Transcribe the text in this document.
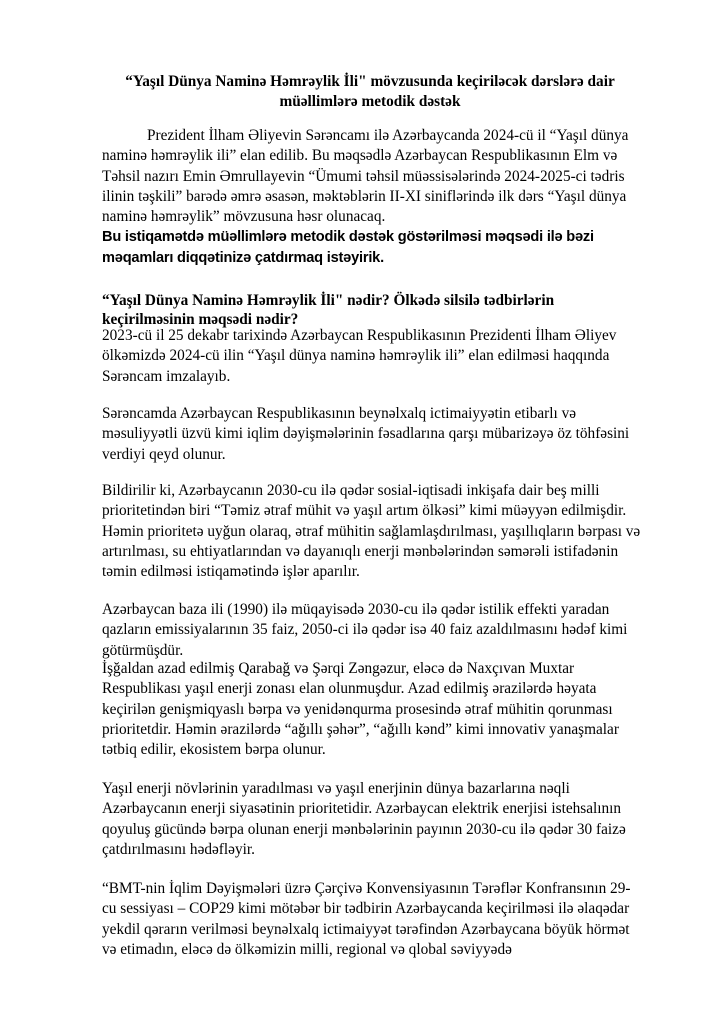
“Yaşıl Dünya Naminə Həmrəylik İli" mövzusunda keçiriləcək dərslərə dair müəllimlərə metodik dəstək

Prezident İlham Əliyevin Sərəncamı ilə Azərbaycanda 2024-cü il “Yaşıl dünya naminə həmrəylik ili” elan edilib. Bu məqsədlə Azərbaycan Respublikasının Elm və Təhsil nazırı Emin Əmrullayevin “Ümumi təhsil müəssisələrində 2024-2025-ci tədris ilinin təşkili” barədə əmrə əsasən, məktəblərin II-XI siniflərində ilk dərs “Yaşıl dünya naminə həmrəylik” mövzusuna həsr olunacaq.

Bu istiqamətdə müəllimlərə metodik dəstək göstərilməsi məqsədi ilə bəzi məqamları diqqətinizə çatdırmaq istəyirik.

“Yaşıl Dünya Naminə Həmrəylik İli" nədir? Ölkədə silsilə tədbirlərin keçirilməsinin məqsədi nədir?

2023-cü il 25 dekabr tarixində Azərbaycan Respublikasının Prezidenti İlham Əliyev ölkəmizdə 2024-cü ilin “Yaşıl dünya naminə həmrəylik ili” elan edilməsi haqqında Sərəncam imzalayıb.

Sərəncamda Azərbaycan Respublikasının beynəlxalq ictimaiyyətin etibarlı və məsuliyyətli üzvü kimi iqlim dəyişmələrinin fəsadlarına qarşı mübarizəyə öz töhfəsini verdiyi qeyd olunur.

Bildirilir ki, Azərbaycanın 2030-cu ilə qədər sosial-iqtisadi inkişafa dair beş milli prioritetindən biri “Təmiz ətraf mühit və yaşıl artım ölkəsi” kimi müəyyən edilmişdir. Həmin prioritetə uyğun olaraq, ətraf mühitin sağlamlaşdırılması, yaşıllıqların bərpası və artırılması, su ehtiyatlarından və dayanıqlı enerji mənbələrindən səmərəli istifadənin təmin edilməsi istiqamətində işlər aparılır.

Azərbaycan baza ili (1990) ilə müqayisədə 2030-cu ilə qədər istilik effekti yaradan qazların emissiyalarının 35 faiz, 2050-ci ilə qədər isə 40 faiz azaldılmasını hədəf kimi götürmüşdür.

İşğaldan azad edilmiş Qarabağ və Şərqi Zəngəzur, eləcə də Naxçıvan Muxtar Respublikası yaşıl enerji zonası elan olunmuşdur. Azad edilmiş ərazilərdə həyata keçirilən genişmiqyaslı bərpa və yenidənqurma prosesində ətraf mühitin qorunması prioritetdir. Həmin ərazilərdə “ağıllı şəhər”, “ağıllı kənd” kimi innovativ yanaşmalar tətbiq edilir, ekosistem bərpa olunur.

Yaşıl enerji növlərinin yaradılması və yaşıl enerjinin dünya bazarlarına nəqli Azərbaycanın enerji siyasətinin prioritetidir. Azərbaycan elektrik enerjisi istehsalının qoyuluş gücündə bərpa olunan enerji mənbələrinin payının 2030-cu ilə qədər 30 faizə çatdırılmasını hədəfləyir.

“BMT-nin İqlim Dəyişmələri üzrə Çərçivə Konvensiyasının Tərəflər Konfransının 29-cu sessiyası – COP29 kimi mötəbər bir tədbirin Azərbaycanda keçirilməsi ilə əlaqədar yekdil qərarın verilməsi beynəlxalq ictimaiyyət tərəfindən Azərbaycana böyük hörmət və etimadın, eləcə də ölkəmizin milli, regional və qlobal səviyyədə
